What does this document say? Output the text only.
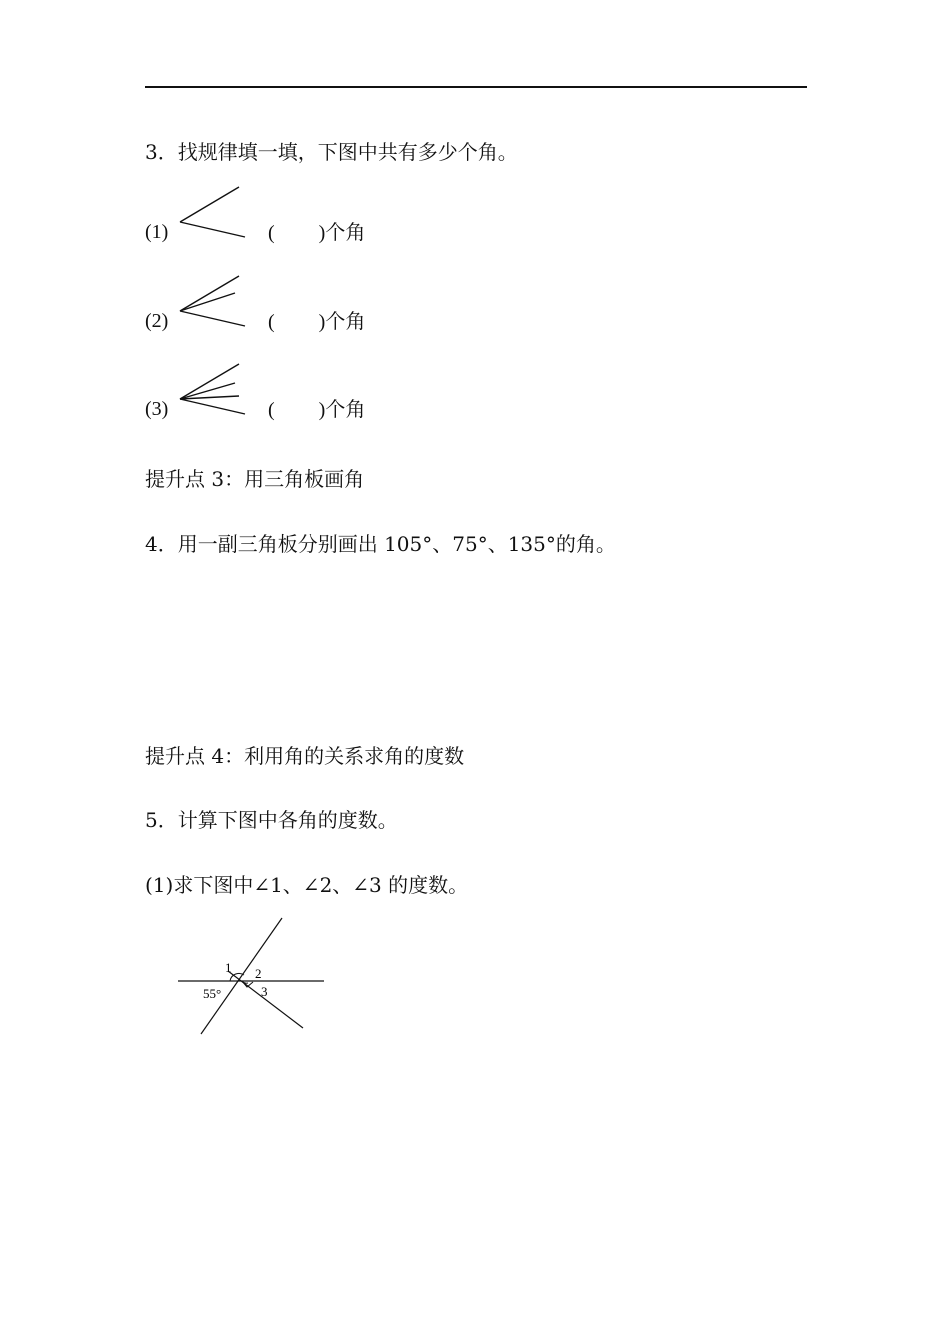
3．找规律填一填，下图中共有多少个角。
(1)	( )个角
(2)	( )个角
(3)	( )个角
提升点 3：用三角板画角
4．用一副三角板分别画出 105°、75°、135°的角。
提升点 4：利用角的关系求角的度数
5．计算下图中各角的度数。
(1)求下图中∠1、∠2、∠3 的度数。
1 2
3
55°
